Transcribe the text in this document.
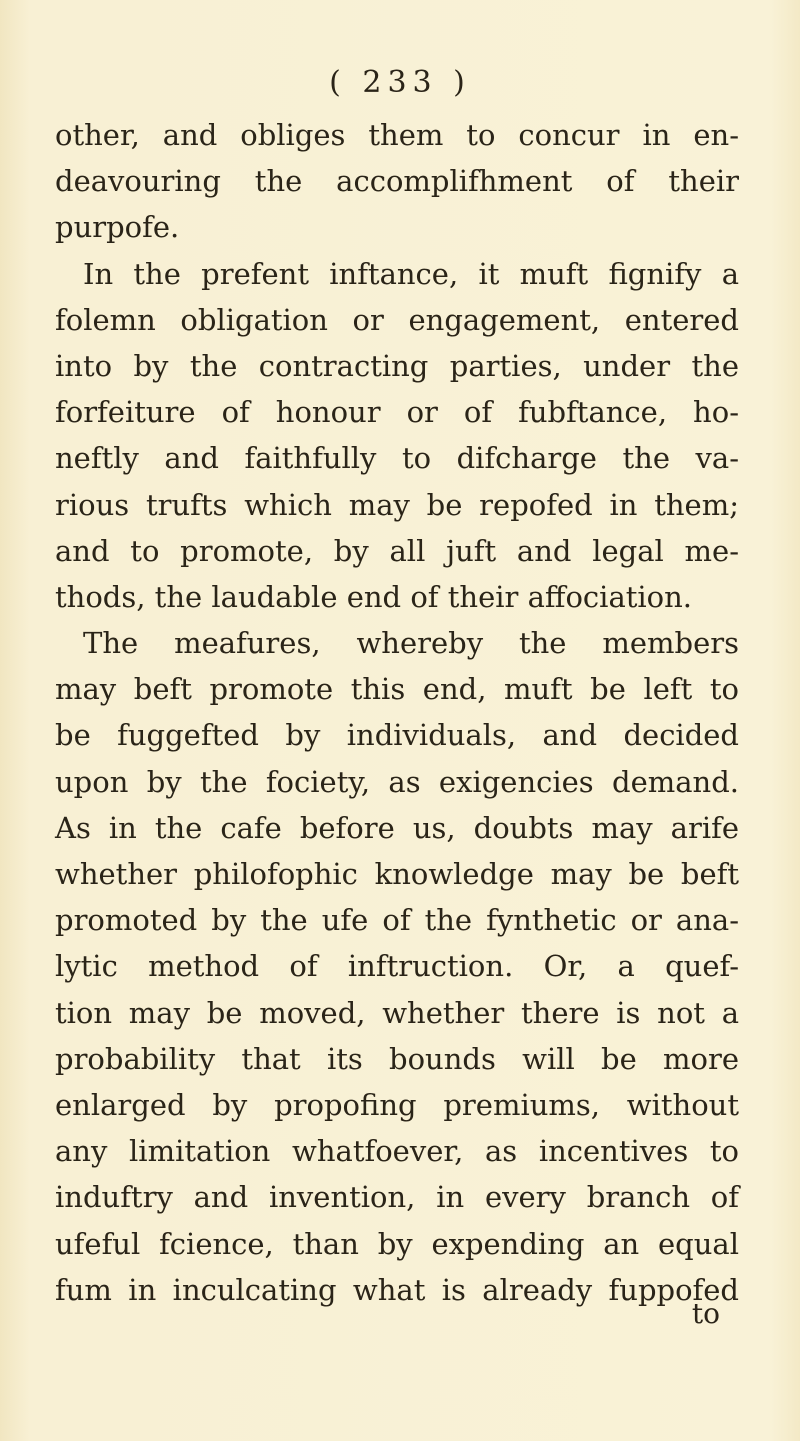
( 233 )
other, and obliges them to concur in en-
deavouring the accomplifhment of their
purpofe.
In the prefent inftance, it muft fignify a
folemn obligation or engagement, entered
into by the contracting parties, under the
forfeiture of honour or of fubftance, ho-
neftly and faithfully to difcharge the va-
rious trufts which may be repofed in them;
and to promote, by all juft and legal me-
thods, the laudable end of their affociation.
The meafures, whereby the members
may beft promote this end, muft be left to
be fuggefted by individuals, and decided
upon by the fociety, as exigencies demand.
As in the cafe before us, doubts may arife
whether philofophic knowledge may be beft
promoted by the ufe of the fynthetic or ana-
lytic method of inftruction. Or, a quef-
tion may be moved, whether there is not a
probability that its bounds will be more
enlarged by propofing premiums, without
any limitation whatfoever, as incentives to
induftry and invention, in every branch of
ufeful fcience, than by expending an equal
fum in inculcating what is already fuppofed
to
